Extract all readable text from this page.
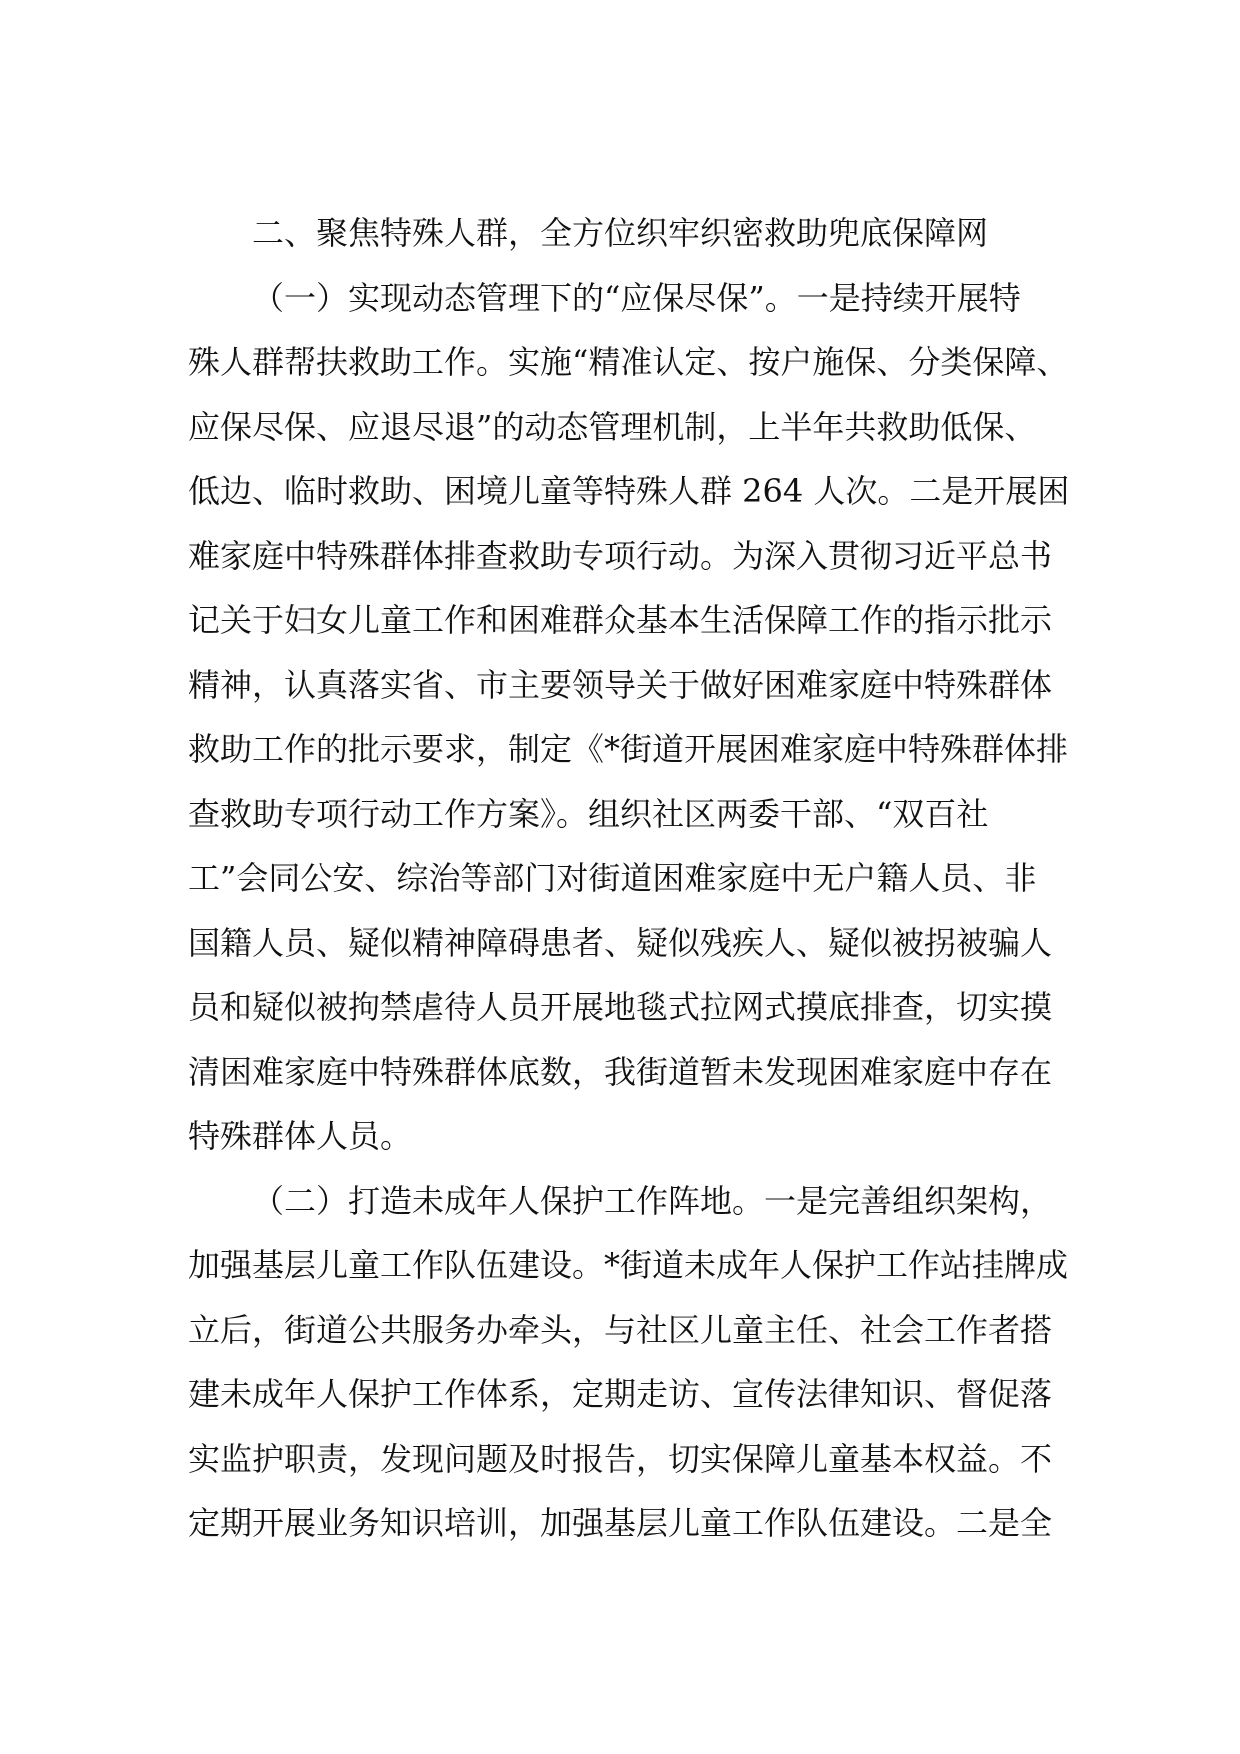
二、聚焦特殊人群，全方位织牢织密救助兜底保障网
（一）实现动态管理下的“应保尽保”。一是持续开展特
殊人群帮扶救助工作。实施“精准认定、按户施保、分类保障、
应保尽保、应退尽退”的动态管理机制，上半年共救助低保、
低边、临时救助、困境儿童等特殊人群 264 人次。二是开展困
难家庭中特殊群体排查救助专项行动。为深入贯彻习近平总书
记关于妇女儿童工作和困难群众基本生活保障工作的指示批示
精神，认真落实省、市主要领导关于做好困难家庭中特殊群体
救助工作的批示要求，制定《*街道开展困难家庭中特殊群体排
查救助专项行动工作方案》。组织社区两委干部、“双百社
工”会同公安、综治等部门对街道困难家庭中无户籍人员、非
国籍人员、疑似精神障碍患者、疑似残疾人、疑似被拐被骗人
员和疑似被拘禁虐待人员开展地毯式拉网式摸底排查，切实摸
清困难家庭中特殊群体底数，我街道暂未发现困难家庭中存在
特殊群体人员。
（二）打造未成年人保护工作阵地。一是完善组织架构，
加强基层儿童工作队伍建设。*街道未成年人保护工作站挂牌成
立后，街道公共服务办牵头，与社区儿童主任、社会工作者搭
建未成年人保护工作体系，定期走访、宣传法律知识、督促落
实监护职责，发现问题及时报告，切实保障儿童基本权益。不
定期开展业务知识培训，加强基层儿童工作队伍建设。二是全
